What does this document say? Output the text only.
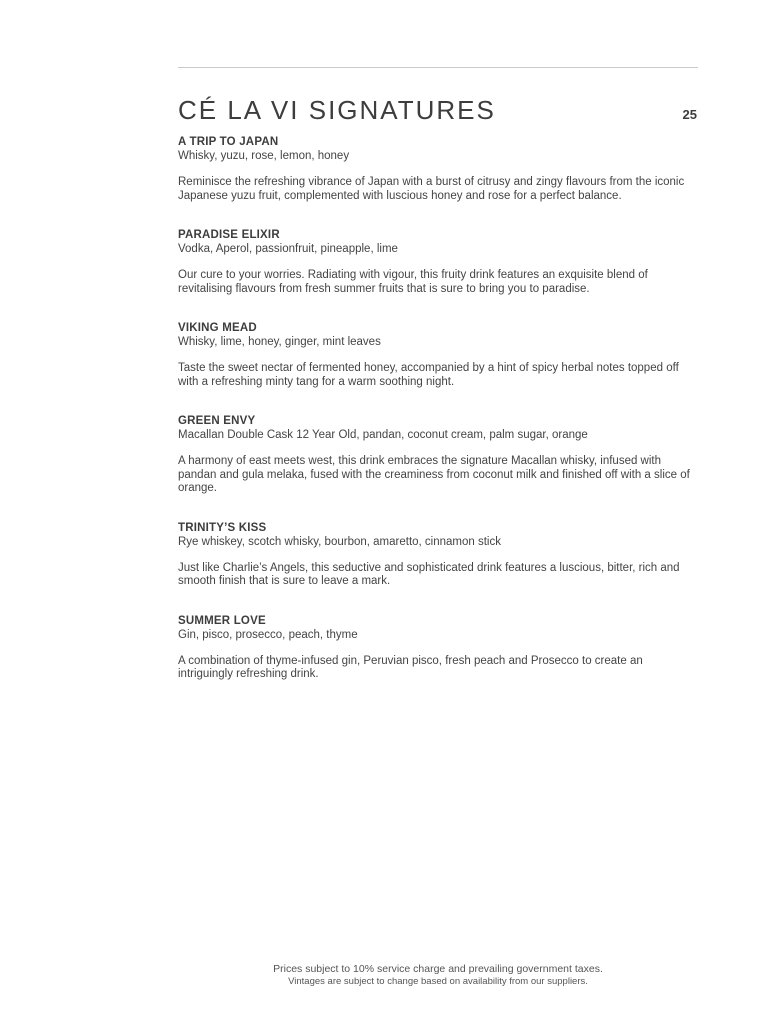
CÉ LA VI SIGNATURES	25

A TRIP TO JAPAN

Whisky, yuzu, rose, lemon, honey

Reminisce the refreshing vibrance of Japan with a burst of citrusy and zingy flavours from the iconic Japanese yuzu fruit, complemented with luscious honey and rose for a perfect balance.

PARADISE ELIXIR

Vodka, Aperol, passionfruit, pineapple, lime

Our cure to your worries. Radiating with vigour, this fruity drink features an exquisite blend of revitalising flavours from fresh summer fruits that is sure to bring you to paradise.

VIKING MEAD

Whisky, lime, honey, ginger, mint leaves

Taste the sweet nectar of fermented honey, accompanied by a hint of spicy herbal notes topped off with a refreshing minty tang for a warm soothing night.

GREEN ENVY

Macallan Double Cask 12 Year Old, pandan, coconut cream, palm sugar, orange

A harmony of east meets west, this drink embraces the signature Macallan whisky, infused with pandan and gula melaka, fused with the creaminess from coconut milk and finished off with a slice of orange.

TRINITY’S KISS

Rye whiskey, scotch whisky, bourbon, amaretto, cinnamon stick

Just like Charlie’s Angels, this seductive and sophisticated drink features a luscious, bitter, rich and smooth finish that is sure to leave a mark.

SUMMER LOVE

Gin, pisco, prosecco, peach, thyme

A combination of thyme-infused gin, Peruvian pisco, fresh peach and Prosecco to create an intriguingly refreshing drink.

Prices subject to 10% service charge and prevailing government taxes.
Vintages are subject to change based on availability from our suppliers.
